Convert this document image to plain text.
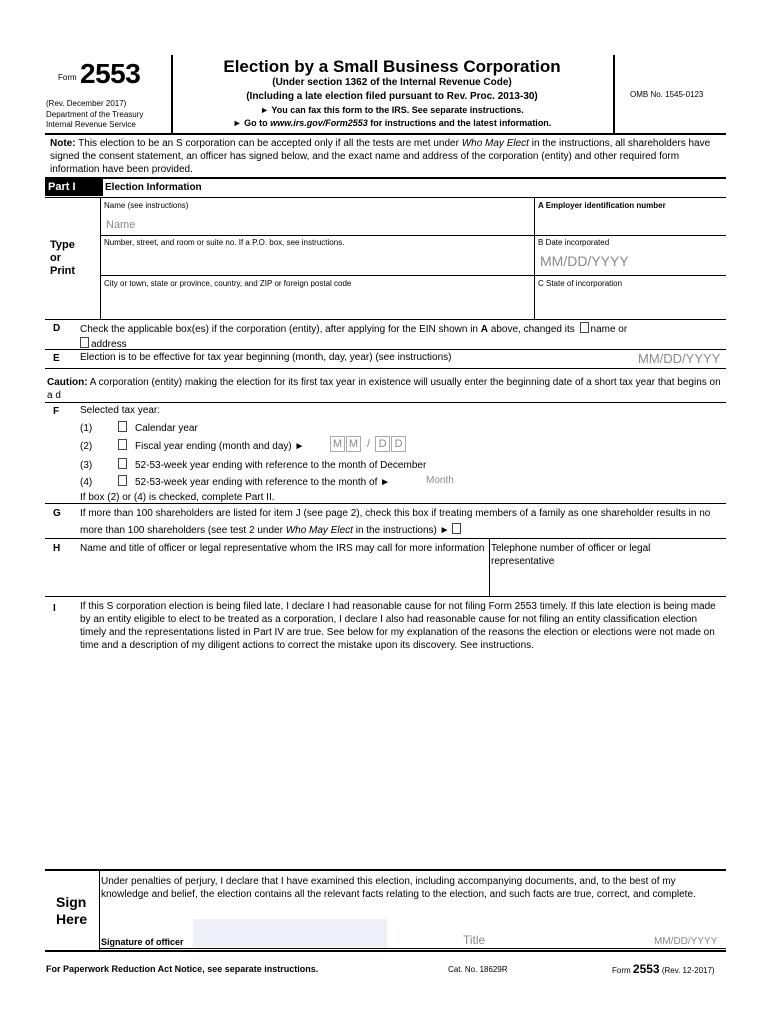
Form 2553
(Rev. December 2017)
Department of the Treasury
Internal Revenue Service
Election by a Small Business Corporation
(Under section 1362 of the Internal Revenue Code)
(Including a late election filed pursuant to Rev. Proc. 2013-30)
► You can fax this form to the IRS. See separate instructions.
► Go to www.irs.gov/Form2553 for instructions and the latest information.
OMB No. 1545-0123
Note: This election to be an S corporation can be accepted only if all the tests are met under Who May Elect in the instructions, all shareholders have signed the consent statement, an officer has signed below, and the exact name and address of the corporation (entity) and other required form information have been provided.
Part I	Election Information
Type
or
Print
Name (see instructions)
Name
A Employer identification number
Number, street, and room or suite no. If a P.O. box, see instructions.	B Date incorporated
MM/DD/YYYY
City or town, state or province, country, and ZIP or foreign postal code	C State of incorporation
D Check the applicable box(es) if the corporation (entity), after applying for the EIN shown in A above, changed its name or
address
E Election is to be effective for tax year beginning (month, day, year) (see instructions)	MM/DD/YYYY
Caution: A corporation (entity) making the election for its first tax year in existence will usually enter the beginning date of a short tax year that begins on a d
F Selected tax year:
(1)	Calendar year
(2)	Fiscal year ending (month and day) ►	M M / D D
(3)	52-53-week year ending with reference to the month of December
(4)	52-53-week year ending with reference to the month of ►	Month
If box (2) or (4) is checked, complete Part II.
G If more than 100 shareholders are listed for item J (see page 2), check this box if treating members of a family as one shareholder results in no more than 100 shareholders (see test 2 under Who May Elect in the instructions) ►
H Name and title of officer or legal representative whom the IRS may call for more information Telephone number of officer or legal representative
I If this S corporation election is being filed late, I declare I had reasonable cause for not filing Form 2553 timely. If this late election is being made by an entity eligible to elect to be treated as a corporation, I declare I also had reasonable cause for not filing an entity classification election timely and the representations listed in Part IV are true. See below for my explanation of the reasons the election or elections were not made on time and a description of my diligent actions to correct the mistake upon its discovery. See instructions.
Sign
Here
Under penalties of perjury, I declare that I have examined this election, including accompanying documents, and, to the best of my knowledge and belief, the election contains all the relevant facts relating to the election, and such facts are true, correct, and complete.
Signature of officer	Title	MM/DD/YYYY
For Paperwork Reduction Act Notice, see separate instructions.	Cat. No. 18629R	Form 2553 (Rev. 12-2017)
